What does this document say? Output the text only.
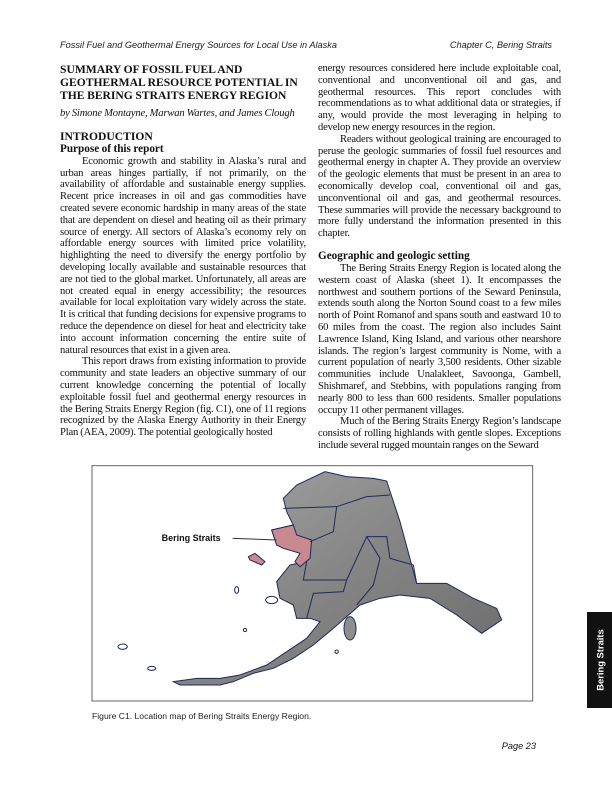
Fossil Fuel and Geothermal Energy Sources for Local Use in Alaska	Chapter C, Bering Straits
SUMMARY OF FOSSIL FUEL AND
GEOTHERMAL RESOURCE POTENTIAL IN
THE BERING STRAITS ENERGY REGION
by Simone Montayne, Marwan Wartes, and James Clough
INTRODUCTION
Purpose of this report

Economic growth and stability in Alaska’s rural and urban areas hinges partially, if not primarily, on the availability of affordable and sustainable energy supplies. Recent price increases in oil and gas commodities have created severe economic hardship in many areas of the state that are dependent on diesel and heating oil as their primary source of energy. All sectors of Alaska’s economy rely on affordable energy sources with limited price volatility, highlighting the need to diversify the energy portfolio by developing locally available and sustainable resources that are not tied to the global market. Unfortunately, all areas are not created equal in energy accessibility; the resources available for local exploitation vary widely across the state. It is critical that funding decisions for expensive programs to reduce the dependence on diesel for heat and electricity take into account information concerning the entire suite of natural resources that exist in a given area.

This report draws from existing information to provide community and state leaders an objective summary of our current knowledge concerning the potential of locally exploitable fossil fuel and geothermal energy resources in the Bering Straits Energy Region (fig. C1), one of 11 regions recognized by the Alaska Energy Authority in their Energy Plan (AEA, 2009). The potential geologically hosted

energy resources considered here include exploitable coal, conventional and unconventional oil and gas, and geothermal resources. This report concludes with recommendations as to what additional data or strategies, if any, would provide the most leveraging in helping to develop new energy resources in the region.

Readers without geological training are encouraged to peruse the geologic summaries of fossil fuel resources and geothermal energy in chapter A. They provide an overview of the geologic elements that must be present in an area to economically develop coal, conventional oil and gas, unconventional oil and gas, and geothermal resources. These summaries will provide the necessary background to more fully understand the information presented in this chapter.

Geographic and geologic setting

The Bering Straits Energy Region is located along the western coast of Alaska (sheet 1). It encompasses the northwest and southern portions of the Seward Peninsula, extends south along the Norton Sound coast to a few miles north of Point Romanof and spans south and eastward 10 to 60 miles from the coast. The region also includes Saint Lawrence Island, King Island, and various other nearshore islands. The region’s largest community is Nome, with a current population of nearly 3,500 residents. Other sizable communities include Unalakleet, Savoonga, Gambell, Shishmaref, and Stebbins, with populations ranging from nearly 800 to less than 600 residents. Smaller populations occupy 11 other permanent villages.

Much of the Bering Straits Energy Region’s landscape consists of rolling highlands with gentle slopes. Exceptions include several rugged mountain ranges on the Seward

Bering Straits
Figure C1. Location map of Bering Straits Energy Region.
Bering Straits
Page 23
